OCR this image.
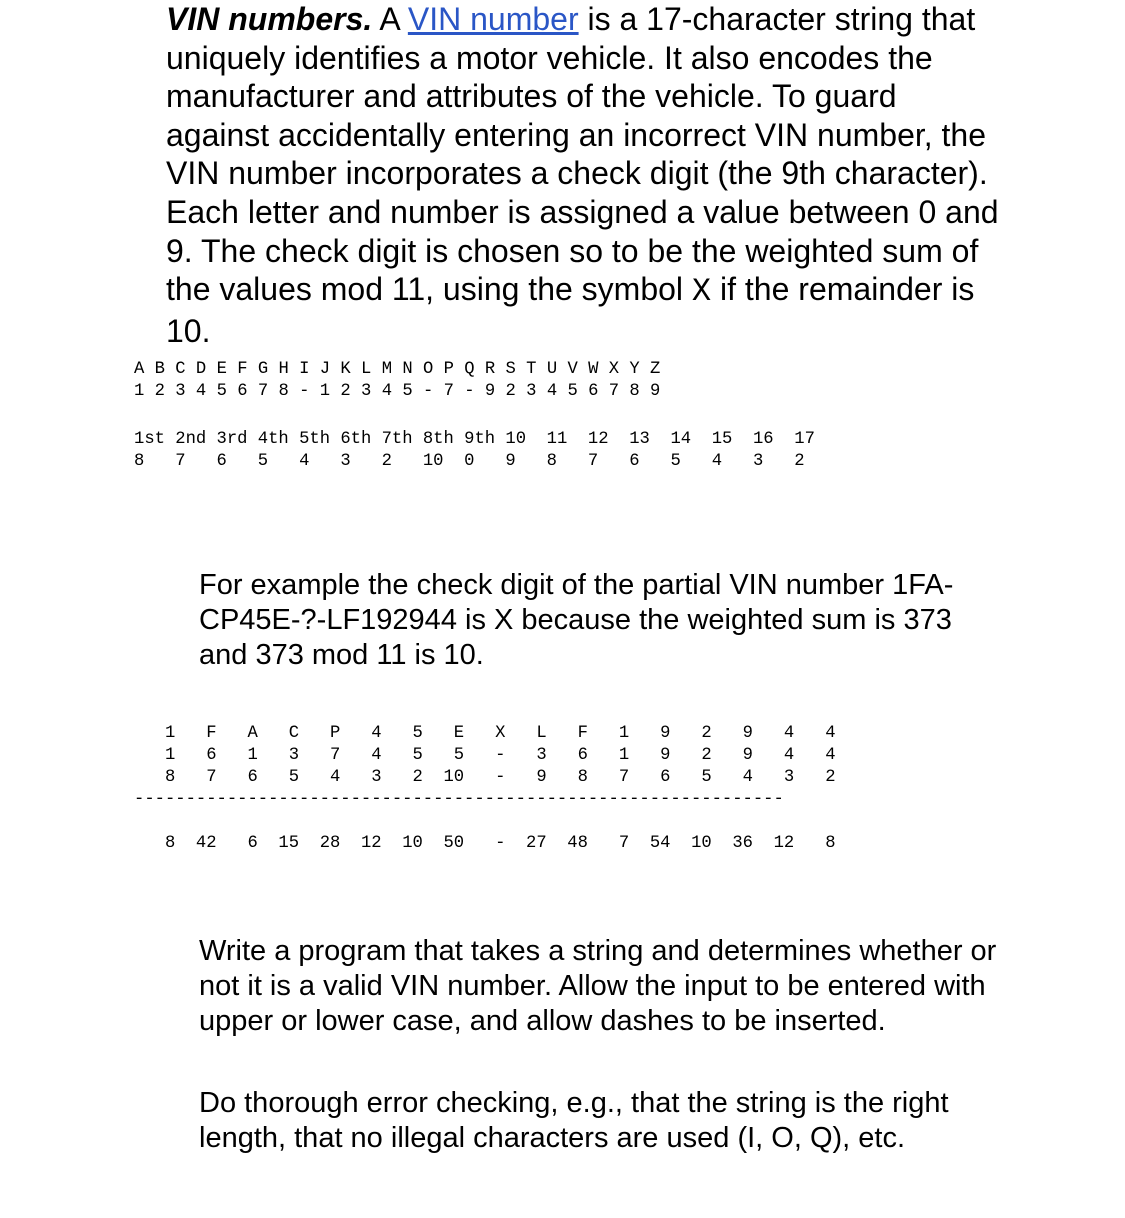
VIN numbers. A VIN number is a 17-character string that uniquely identifies a motor vehicle. It also encodes the manufacturer and attributes of the vehicle. To guard against accidentally entering an incorrect VIN number, the VIN number incorporates a check digit (the 9th character). Each letter and number is assigned a value between 0 and 9. The check digit is chosen so to be the weighted sum of the values mod 11, using the symbol X if the remainder is 10.

A B C D E F G H I J K L M N O P Q R S T U V W X Y Z
1 2 3 4 5 6 7 8 - 1 2 3 4 5 - 7 - 9 2 3 4 5 6 7 8 9
1st 2nd 3rd 4th 5th 6th 7th 8th 9th 10  11  12  13  14  15  16  17
8   7   6   5   4   3   2   10  0   9   8   7   6   5   4   3   2

For example the check digit of the partial VIN number 1FA-CP45E-?-LF192944 is X because the weighted sum is 373 and 373 mod 11 is 10.

1   F   A   C   P   4   5   E   X   L   F   1   9   2   9   4   4
1   6   1   3   7   4   5   5   -   3   6   1   9   2   9   4   4
8   7   6   5   4   3   2  10   -   9   8   7   6   5   4   3   2
---------------------------------------------------------------

8  42   6  15  28  12  10  50   -  27  48   7  54  10  36  12   8

Write a program that takes a string and determines whether or not it is a valid VIN number. Allow the input to be entered with upper or lower case, and allow dashes to be inserted.

Do thorough error checking, e.g., that the string is the right length, that no illegal characters are used (I, O, Q), etc.
